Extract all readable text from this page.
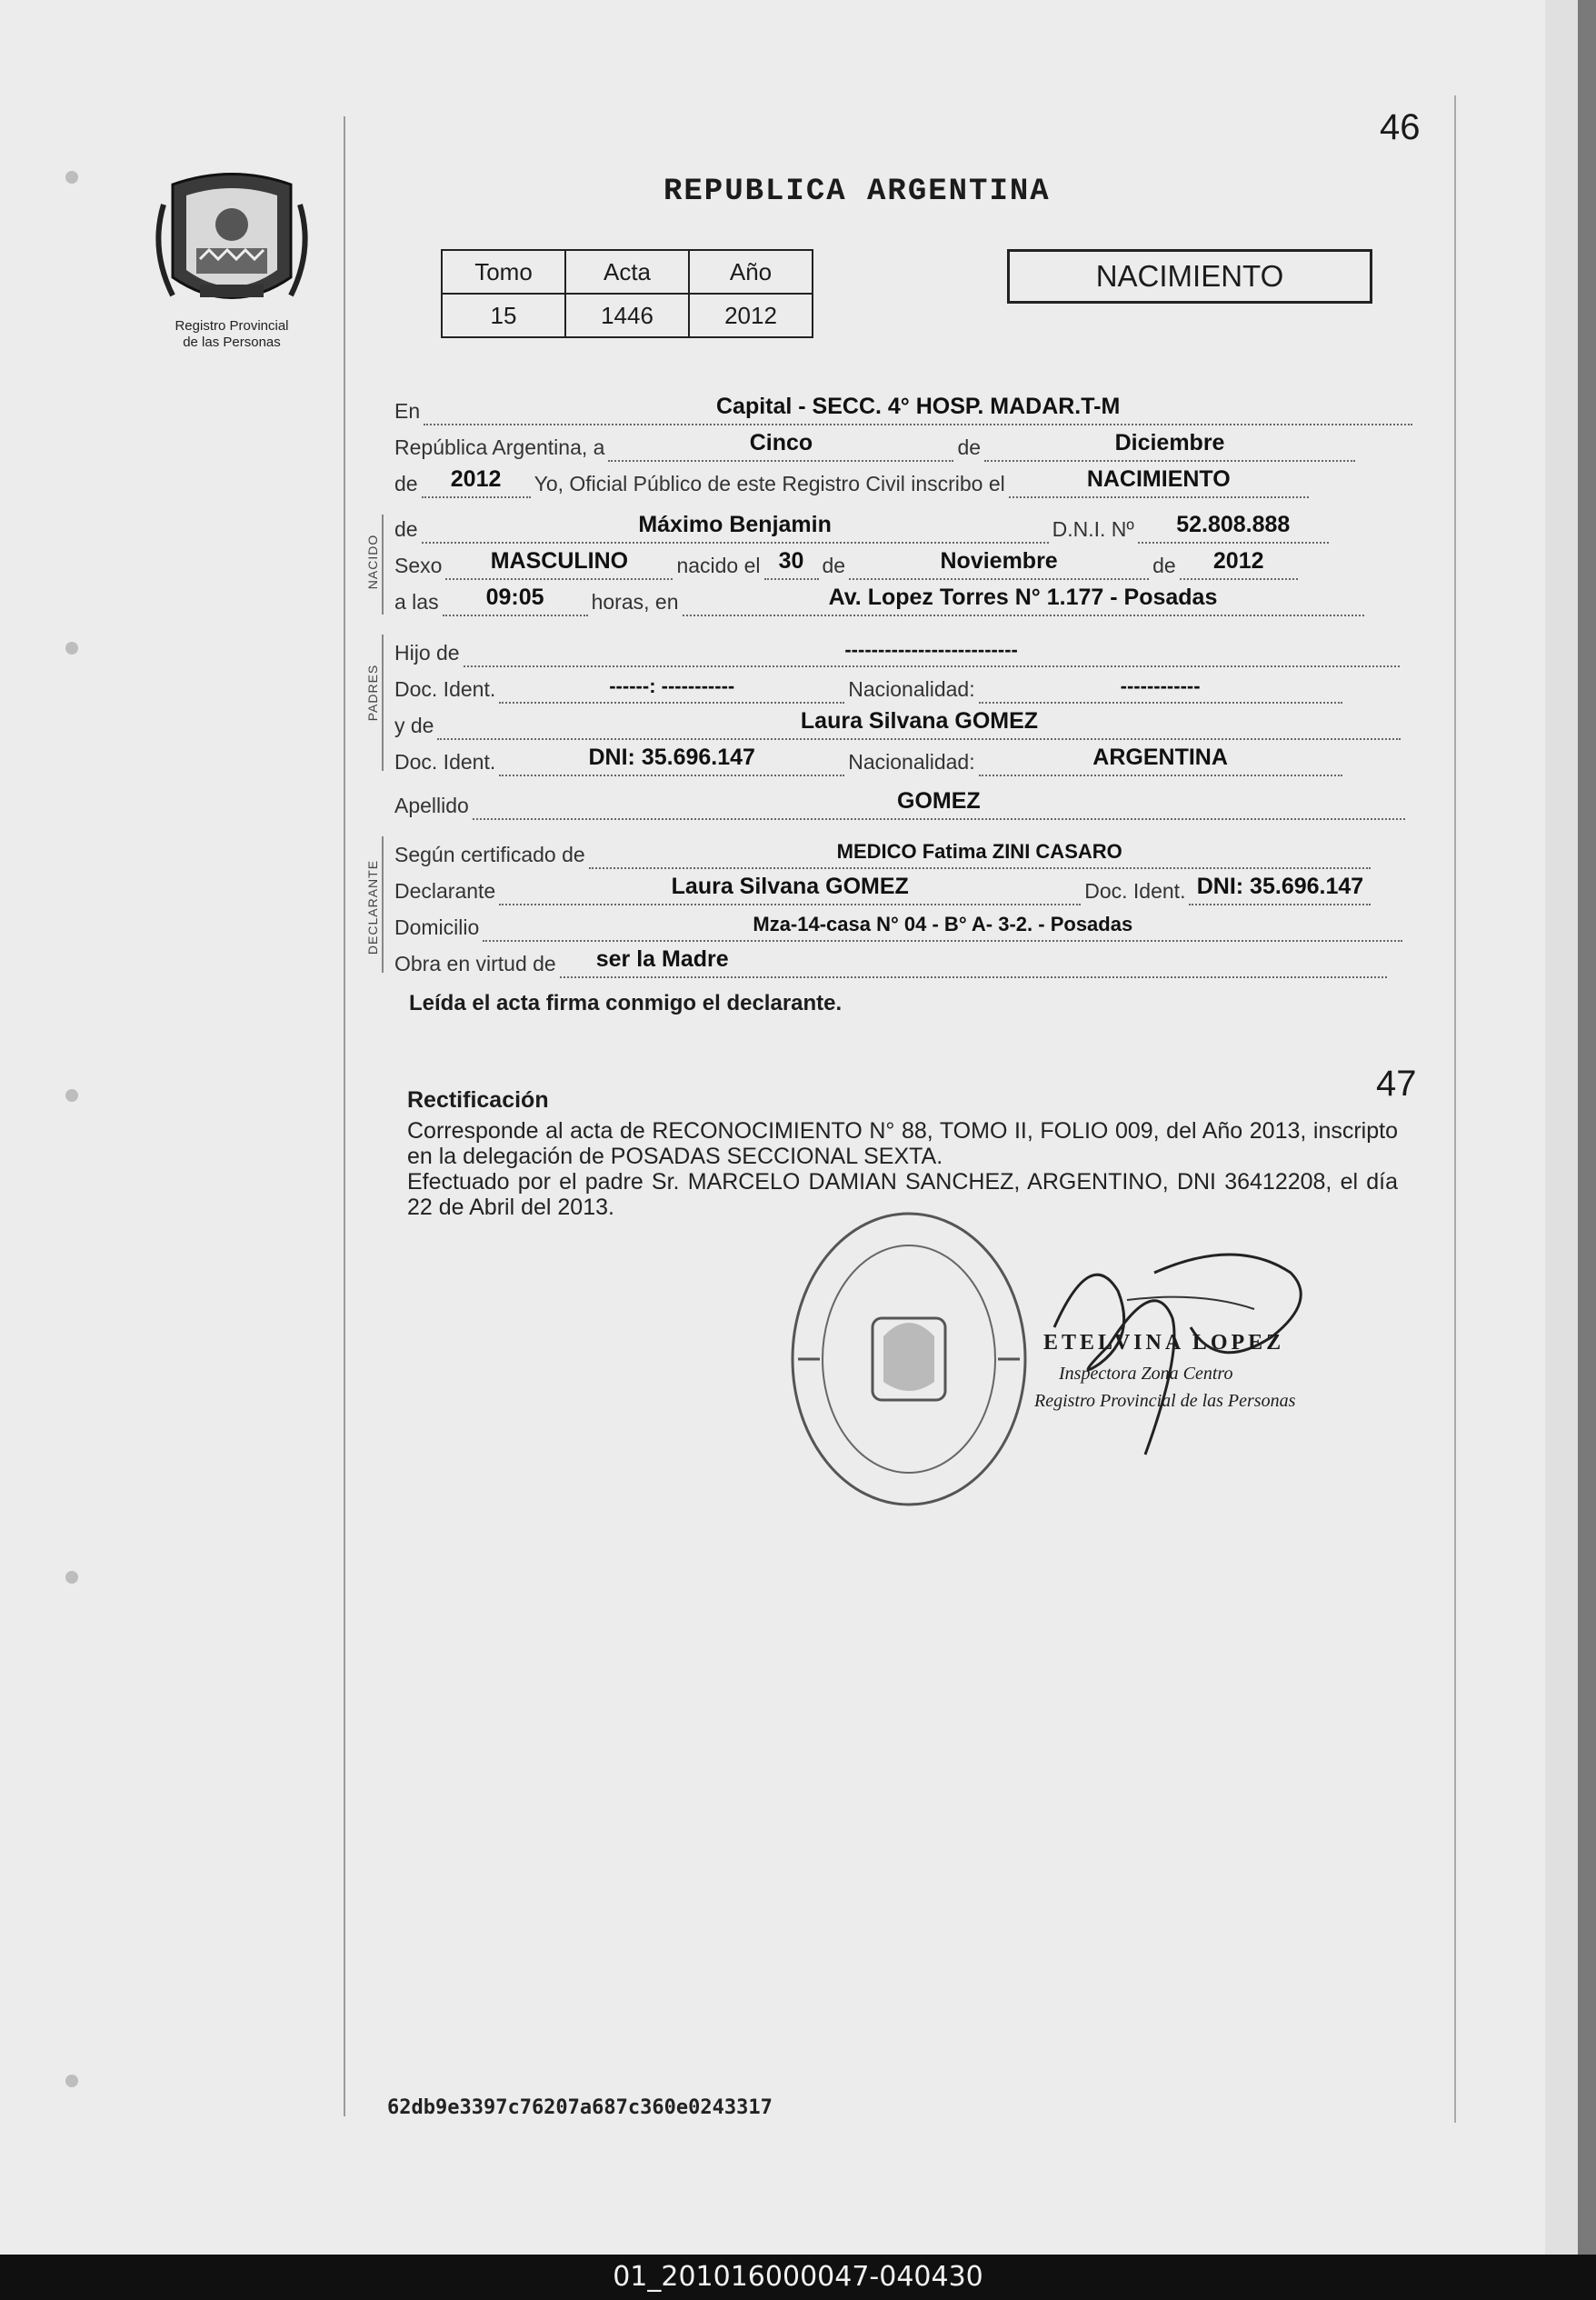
46
Registro Provincial
de las Personas
REPUBLICA ARGENTINA
Tomo	Acta	Año
15	1446	2012
NACIMIENTO
En	Capital - SECC. 4° HOSP. MADAR.T-M
República Argentina, a	Cinco	de	Diciembre
de	2012	Yo, Oficial Público de este Registro Civil inscribo el	NACIMIENTO
NACIDO
de	Máximo Benjamin	D.N.I. Nº	52.808.888
Sexo	MASCULINO	nacido el 30 de	Noviembre	de	2012
a las	09:05	horas, en	Av. Lopez Torres N° 1.177 - Posadas
PADRES
Hijo de	--------------------------
Doc. Ident.	------: -----------	Nacionalidad:	------------
y de	Laura Silvana GOMEZ
Doc. Ident.	DNI: 35.696.147	Nacionalidad:	ARGENTINA
Apellido	GOMEZ
DECLARANTE
Según certificado de	MEDICO Fatima ZINI CASARO
Declarante	Laura Silvana GOMEZ	Doc. Ident. DNI: 35.696.147
Domicilio	Mza-14-casa N° 04 - B° A- 3-2. - Posadas
Obra en virtud de	ser la Madre
Leída el acta firma conmigo el declarante.
47
Rectificación
Corresponde al acta de RECONOCIMIENTO N° 88, TOMO II, FOLIO 009, del Año 2013, inscripto en la delegación de POSADAS SECCIONAL SEXTA.
Efectuado por el padre Sr. MARCELO DAMIAN SANCHEZ, ARGENTINO, DNI 36412208, el día 22 de Abril del 2013.
ETELVINA LOPEZ
Inspectora Zona Centro
Registro Provincial de las Personas
62db9e3397c76207a687c360e0243317
01_201016000047-040430
